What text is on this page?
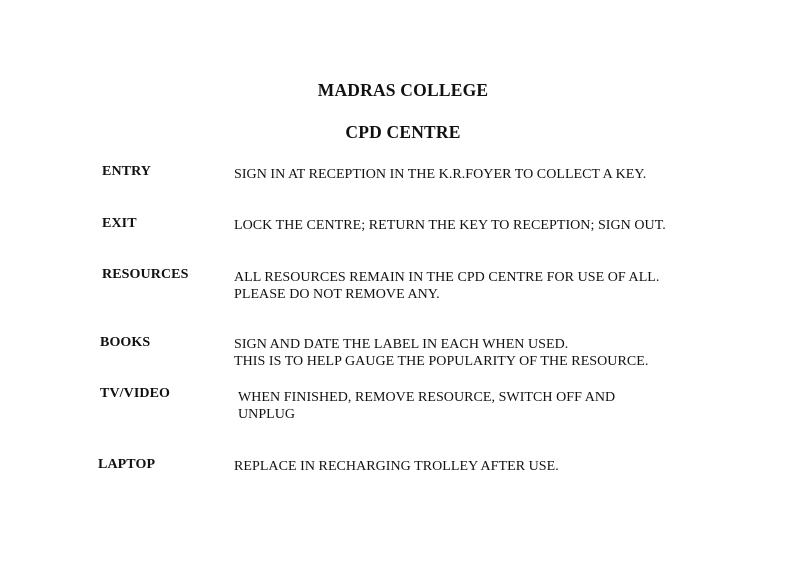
MADRAS COLLEGE
CPD CENTRE
ENTRY	SIGN IN AT RECEPTION IN THE K.R.FOYER TO COLLECT A KEY.
EXIT	LOCK THE CENTRE; RETURN THE KEY TO RECEPTION; SIGN OUT.
RESOURCES	ALL RESOURCES REMAIN IN THE CPD CENTRE FOR USE OF ALL.
PLEASE DO NOT REMOVE ANY.
BOOKS	SIGN AND DATE THE LABEL IN EACH WHEN USED.
THIS IS TO HELP GAUGE THE POPULARITY OF THE RESOURCE.
TV/VIDEO	WHEN FINISHED, REMOVE RESOURCE, SWITCH OFF AND
UNPLUG
LAPTOP	REPLACE IN RECHARGING TROLLEY AFTER USE.
